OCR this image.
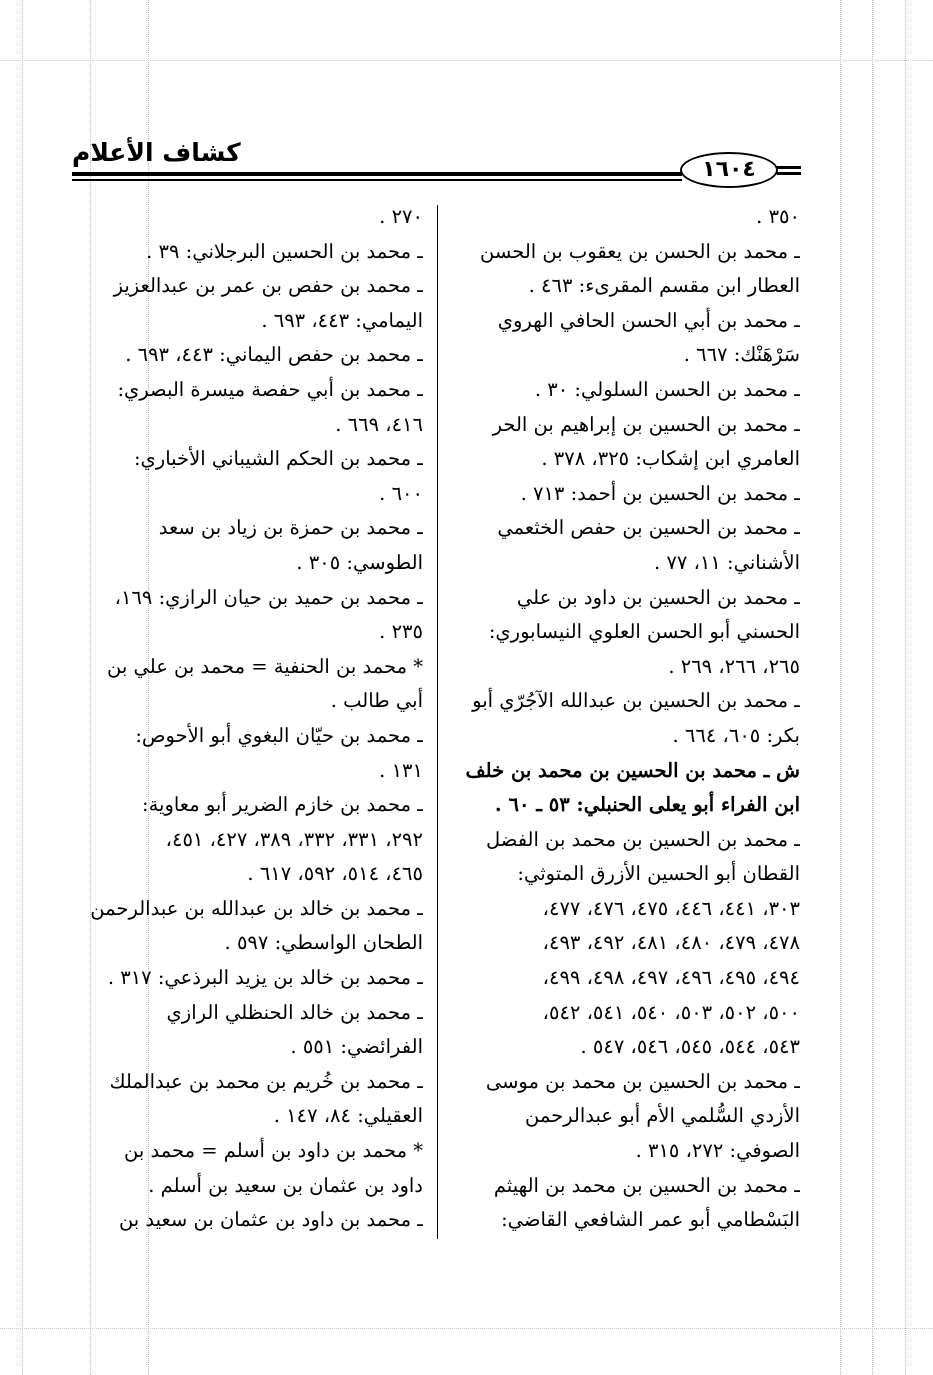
كشاف الأعلام
١٦٠٤
٣٥٠ .
ـ محمد بن الحسن بن يعقوب بن الحسن
العطار ابن مقسم المقرىء: ٤٦٣ .
ـ محمد بن أبي الحسن الحافي الهروي
سَرْهَنْك: ٦٦٧ .
ـ محمد بن الحسن السلولي: ٣٠ .
ـ محمد بن الحسين بن إبراهيم بن الحر
العامري ابن إشكاب: ٣٢٥، ٣٧٨ .
ـ محمد بن الحسين بن أحمد: ٧١٣ .
ـ محمد بن الحسين بن حفص الخثعمي
الأشناني: ١١، ٧٧ .
ـ محمد بن الحسين بن داود بن علي
الحسني أبو الحسن العلوي النيسابوري:
٢٦٥، ٢٦٦، ٢٦٩ .
ـ محمد بن الحسين بن عبدالله الآجُرّي أبو
بكر: ٦٠٥، ٦٦٤ .
ش ـ محمد بن الحسين بن محمد بن خلف
ابن الفراء أبو يعلى الحنبلي: ٥٣ ـ ٦٠ .
ـ محمد بن الحسين بن محمد بن الفضل
القطان أبو الحسين الأزرق المتوثي:
٣٠٣، ٤٤١، ٤٤٦، ٤٧٥، ٤٧٦، ٤٧٧،
٤٧٨، ٤٧٩، ٤٨٠، ٤٨١، ٤٩٢، ٤٩٣،
٤٩٤، ٤٩٥، ٤٩٦، ٤٩٧، ٤٩٨، ٤٩٩،
٥٠٠، ٥٠٢، ٥٠٣، ٥٤٠، ٥٤١، ٥٤٢،
٥٤٣، ٥٤٤، ٥٤٥، ٥٤٦، ٥٤٧ .
ـ محمد بن الحسين بن محمد بن موسى
الأزدي السُّلمي الأم أبو عبدالرحمن
الصوفي: ٢٧٢، ٣١٥ .
ـ محمد بن الحسين بن محمد بن الهيثم
البَسْطامي أبو عمر الشافعي القاضي:
٢٧٠ .
ـ محمد بن الحسين البرجلاني: ٣٩ .
ـ محمد بن حفص بن عمر بن عبدالعزيز
اليمامي: ٤٤٣، ٦٩٣ .
ـ محمد بن حفص اليماني: ٤٤٣، ٦٩٣ .
ـ محمد بن أبي حفصة ميسرة البصري:
٤١٦، ٦٦٩ .
ـ محمد بن الحكم الشيباني الأخباري:
٦٠٠ .
ـ محمد بن حمزة بن زياد بن سعد
الطوسي: ٣٠٥ .
ـ محمد بن حميد بن حيان الرازي: ١٦٩،
٢٣٥ .
* محمد بن الحنفية = محمد بن علي بن
أبي طالب .
ـ محمد بن حيّان البغوي أبو الأحوص:
١٣١ .
ـ محمد بن خازم الضرير أبو معاوية:
٢٩٢، ٣٣١، ٣٣٢، ٣٨٩، ٤٢٧، ٤٥١،
٤٦٥، ٥١٤، ٥٩٢، ٦١٧ .
ـ محمد بن خالد بن عبدالله بن عبدالرحمن
الطحان الواسطي: ٥٩٧ .
ـ محمد بن خالد بن يزيد البرذعي: ٣١٧ .
ـ محمد بن خالد الحنظلي الرازي
الفرائضي: ٥٥١ .
ـ محمد بن خُريم بن محمد بن عبدالملك
العقيلي: ٨٤، ١٤٧ .
* محمد بن داود بن أسلم = محمد بن
داود بن عثمان بن سعيد بن أسلم .
ـ محمد بن داود بن عثمان بن سعيد بن
